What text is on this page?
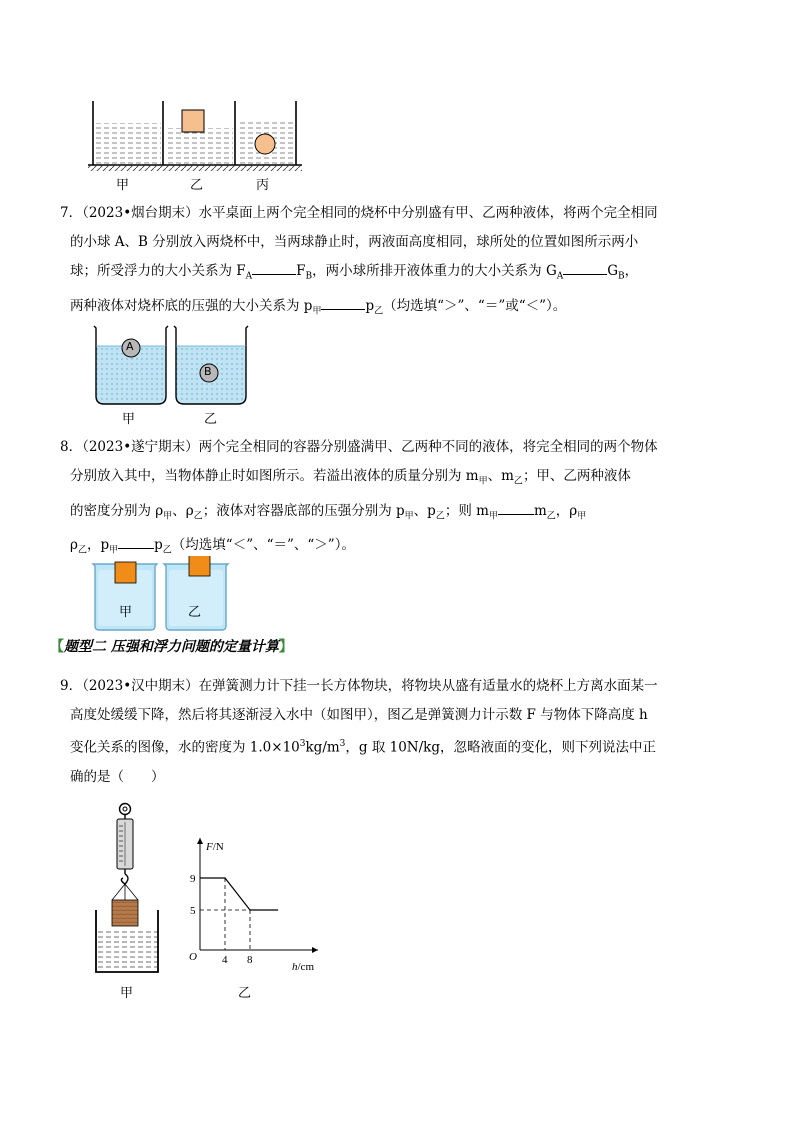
甲	乙	丙
7．（2023•烟台期末）水平桌面上两个完全相同的烧杯中分别盛有甲、乙两种液体，将两个完全相同
的小球 A、B 分别放入两烧杯中，当两球静止时，两液面高度相同，球所处的位置如图所示两小
球；所受浮力的大小关系为 $F_A$	$F_B$，两小球所排开液体重力的大小关系为 $G_A$	$G_B$，
两种液体对烧杯底的压强的大小关系为 $p_甲$	$p_乙$（均选填“＞”、“＝”或“＜”）。
A
B
甲	乙
8．（2023•遂宁期末）两个完全相同的容器分别盛满甲、乙两种不同的液体，将完全相同的两个物体
分别放入其中，当物体静止时如图所示。若溢出液体的质量分别为 $m_甲$、$m_乙$；甲、乙两种液体
的密度分别为 $\rho_甲$、$\rho_乙$；液体对容器底部的压强分别为 $p_甲$、$p_乙$；则 $m_甲$	$m_乙$，$\rho_甲$
$\rho_乙$，$p_甲$	$p_乙$（均选填“＜”、“＝”、“＞”）。
甲	乙
【题型二 压强和浮力问题的定量计算】
9．（2023•汉中期末）在弹簧测力计下挂一长方体物块，将物块从盛有适量水的烧杯上方离水面某一
高度处缓缓下降，然后将其逐渐浸入水中（如图甲），图乙是弹簧测力计示数 F 与物体下降高度 h
变化关系的图像，水的密度为 $1.0\times 10^3kg/m^3$，g 取 10N/kg，忽略液面的变化，则下列说法中正
确的是（　　）
甲
F/N
h/cm
O
9
5
4 8
乙
